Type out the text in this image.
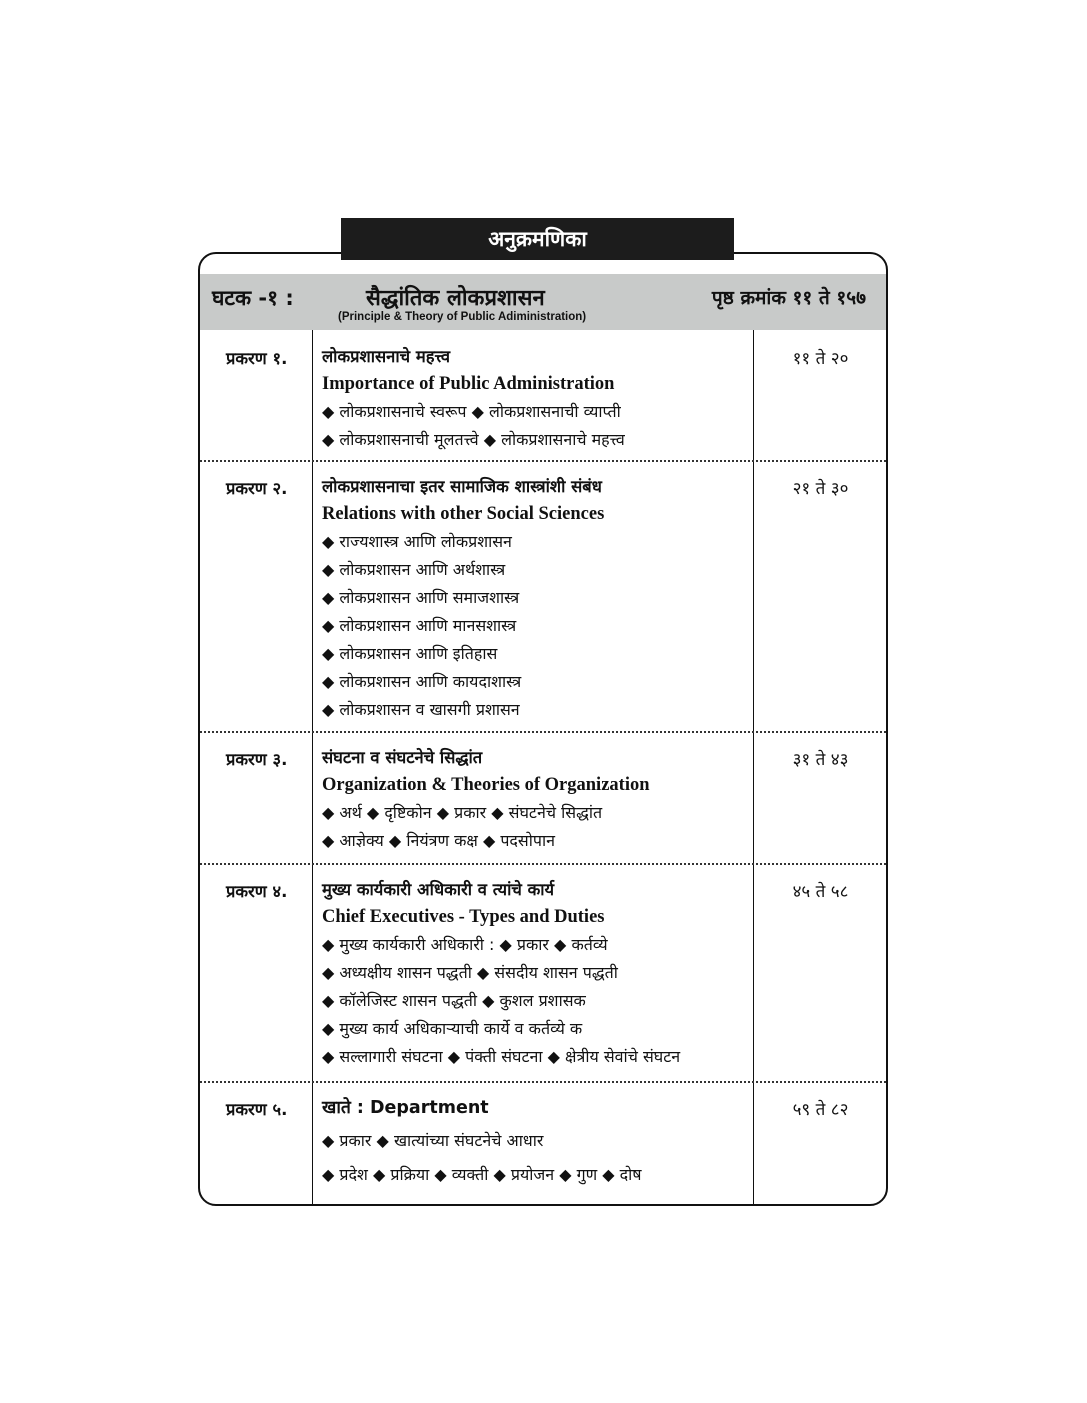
अनुक्रमणिका
घटक -१ :	सैद्धांतिक लोकप्रशासन
(Principle & Theory of Public Adiministration)
पृष्ठ क्रमांक ११ ते १५७
प्रकरण १. लोकप्रशासनाचे महत्त्व
Importance of Public Administration
◆ लोकप्रशासनाचे स्वरूप ◆ लोकप्रशासनाची व्याप्ती
◆ लोकप्रशासनाची मूलतत्त्वे ◆ लोकप्रशासनाचे महत्त्व
११ ते २०
प्रकरण २. लोकप्रशासनाचा इतर सामाजिक शास्त्रांशी संबंध
Relations with other Social Sciences
◆ राज्यशास्त्र आणि लोकप्रशासन
◆ लोकप्रशासन आणि अर्थशास्त्र
◆ लोकप्रशासन आणि समाजशास्त्र
◆ लोकप्रशासन आणि मानसशास्त्र
◆ लोकप्रशासन आणि इतिहास
◆ लोकप्रशासन आणि कायदाशास्त्र
◆ लोकप्रशासन व खासगी प्रशासन
२१ ते ३०
प्रकरण ३. संघटना व संघटनेचे सिद्धांत
Organization & Theories of Organization
◆ अर्थ ◆ दृष्टिकोन ◆ प्रकार ◆ संघटनेचे सिद्धांत
◆ आज्ञेक्य ◆ नियंत्रण कक्ष ◆ पदसोपान
३१ ते ४३
प्रकरण ४. मुख्य कार्यकारी अधिकारी व त्यांचे कार्य
Chief Executives - Types and Duties
◆ मुख्य कार्यकारी अधिकारी : ◆ प्रकार ◆ कर्तव्ये
◆ अध्यक्षीय शासन पद्धती ◆ संसदीय शासन पद्धती
◆ कॉलेजिस्ट शासन पद्धती ◆ कुशल प्रशासक
◆ मुख्य कार्य अधिकाऱ्याची कार्ये व कर्तव्ये क
◆ सल्लागारी संघटना ◆ पंक्ती संघटना ◆ क्षेत्रीय सेवांचे संघटन
४५ ते ५८
प्रकरण ५. खाते : Department
◆ प्रकार ◆ खात्यांच्या संघटनेचे आधार
◆ प्रदेश ◆ प्रक्रिया ◆ व्यक्ती ◆ प्रयोजन ◆ गुण ◆ दोष
५९ ते ८२
